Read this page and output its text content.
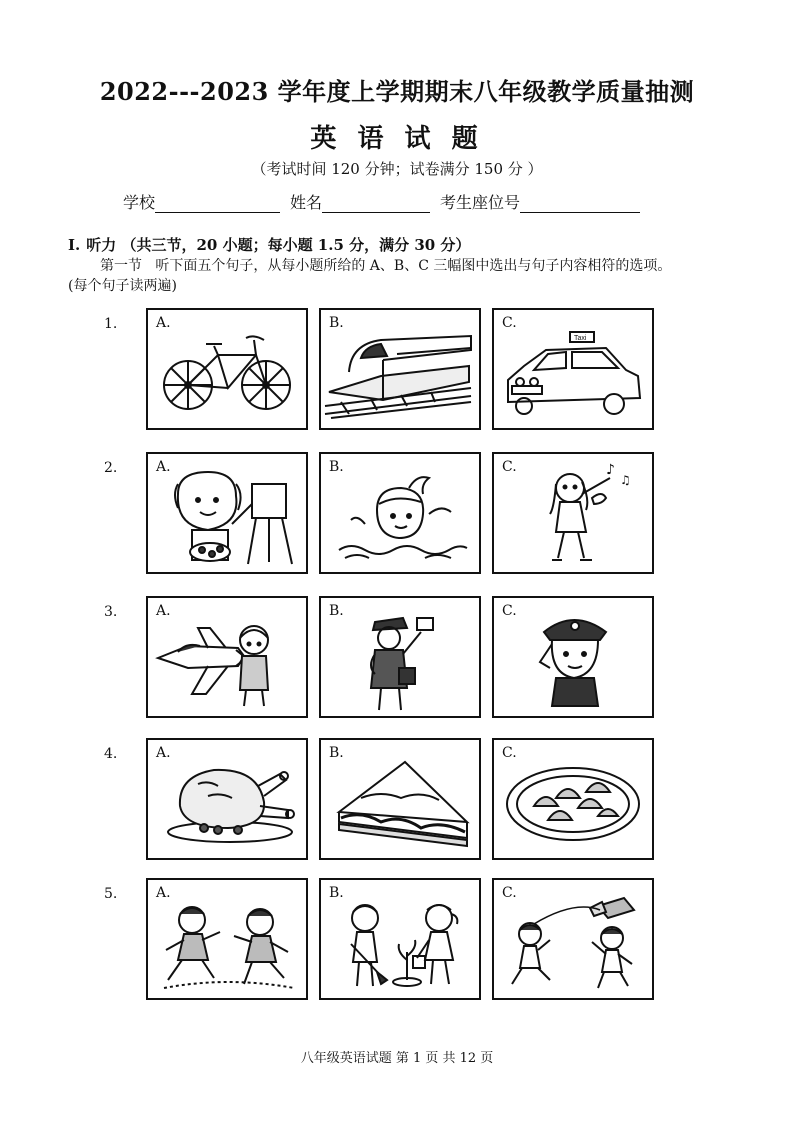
2022---2023 学年度上学期期末八年级教学质量抽测
英 语 试 题
（考试时间 120 分钟；试卷满分 150 分 ）
学校	姓名	考生座位号
I. 听力 （共三节，20 小题；每小题 1.5 分，满分 30 分）
第一节 听下面五个句子，从每小题所给的 A、B、C 三幅图中选出与句子内容相符的选项。
(每个句子读两遍)
1.	A.	B.	C.
Taxi
2.	A.	B.	C.	♪
♫
3.	A.	B.	C.
4.	A.	B.	C.
5.	A.	B.	C.
八年级英语试题 第 1 页 共 12 页
